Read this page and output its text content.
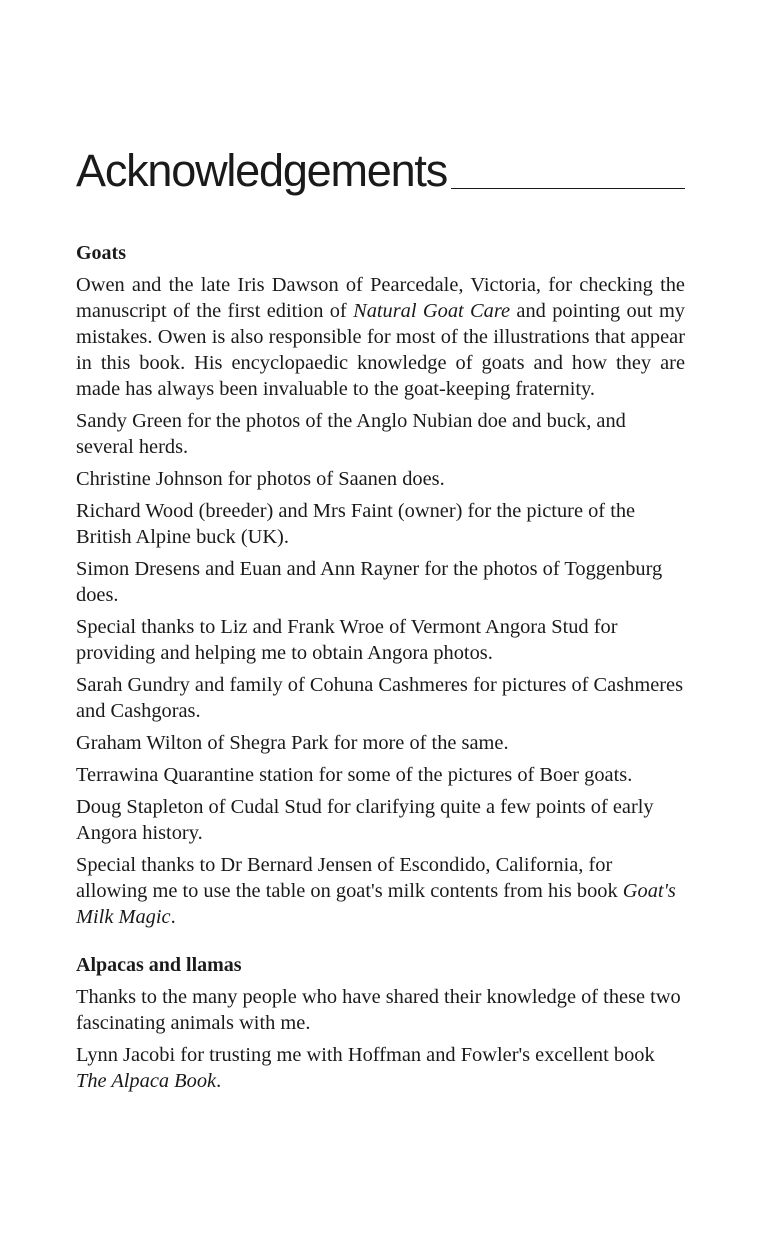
Acknowledgements
Goats

Owen and the late Iris Dawson of Pearcedale, Victoria, for checking the manuscript of the first edition of Natural Goat Care and pointing out my mistakes. Owen is also responsible for most of the illustrations that appear in this book. His encyclopaedic knowledge of goats and how they are made has always been invaluable to the goat-keeping fraternity.

Sandy Green for the photos of the Anglo Nubian doe and buck, and several herds.

Christine Johnson for photos of Saanen does.

Richard Wood (breeder) and Mrs Faint (owner) for the picture of the British Alpine buck (UK).

Simon Dresens and Euan and Ann Rayner for the photos of Toggenburg does.

Special thanks to Liz and Frank Wroe of Vermont Angora Stud for providing and helping me to obtain Angora photos.

Sarah Gundry and family of Cohuna Cashmeres for pictures of Cashmeres and Cashgoras.

Graham Wilton of Shegra Park for more of the same.

Terrawina Quarantine station for some of the pictures of Boer goats.

Doug Stapleton of Cudal Stud for clarifying quite a few points of early Angora history.

Special thanks to Dr Bernard Jensen of Escondido, California, for allowing me to use the table on goat's milk contents from his book Goat's Milk Magic.

Alpacas and llamas

Thanks to the many people who have shared their knowledge of these two fascinating animals with me.

Lynn Jacobi for trusting me with Hoffman and Fowler's excellent book The Alpaca Book.
